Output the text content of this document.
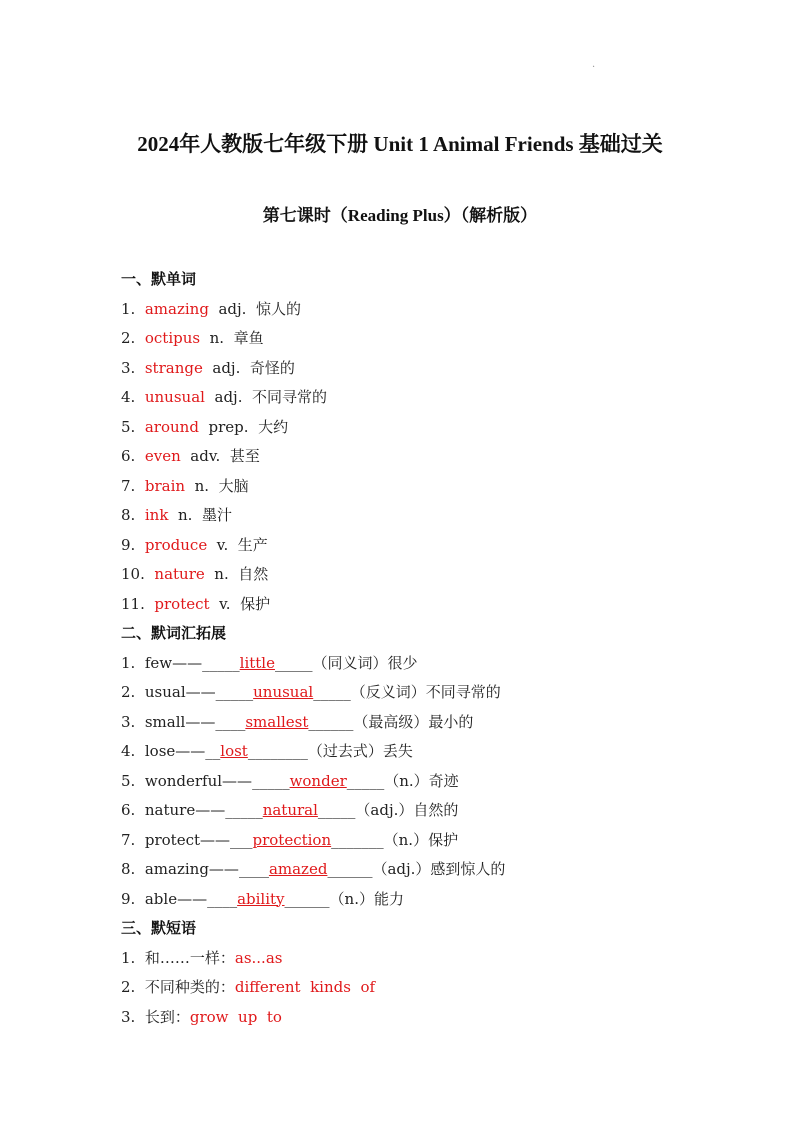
·
2024年人教版七年级下册 Unit 1 Animal Friends 基础过关
第七课时（Reading Plus）（解析版）
一、默单词
1. amazing adj. 惊人的
2. octipus n. 章鱼
3. strange adj. 奇怪的
4. unusual adj. 不同寻常的
5. around prep. 大约
6. even adv. 甚至
7. brain n. 大脑
8. ink n. 墨汁
9. produce v. 生产
10. nature n. 自然
11. protect v. 保护
二、默词汇拓展
1. few——_____little_____（同义词）很少
2. usual——_____unusual_____（反义词）不同寻常的
3. small——____smallest______（最高级）最小的
4. lose——__lost________（过去式）丢失
5. wonderful——_____wonder_____（n.）奇迹
6. nature——_____natural_____（adj.）自然的
7. protect——___protection_______（n.）保护
8. amazing——____amazed______（adj.）感到惊人的
9. able——____ability______（n.）能力
三、默短语
1. 和……一样：as...as
2. 不同种类的：different  kinds  of
3. 长到：grow  up  to
